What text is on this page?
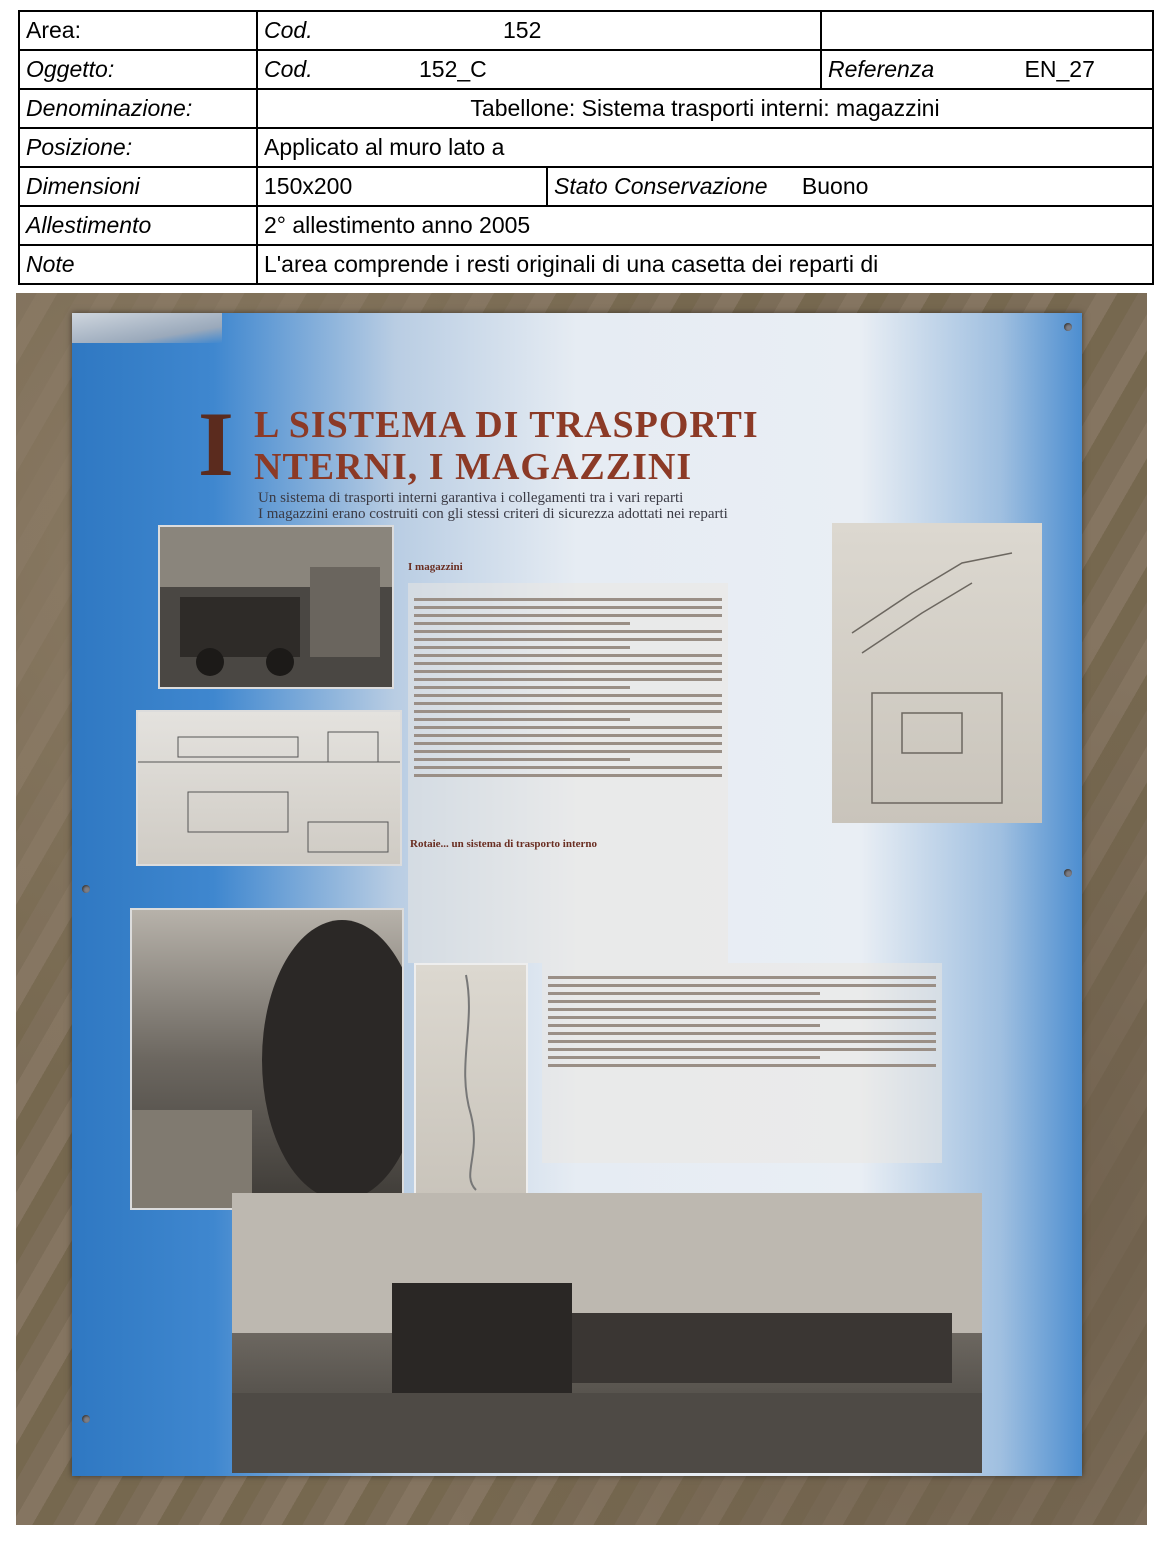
Area:	Cod. 152		
Oggetto:	Cod. 152_C		Referenza EN_27
Denominazione:	Tabellone: Sistema trasporti interni: magazzini		
Posizione:	Applicato al muro lato a		
Dimensioni	150x200	Stato Conservazione Buono	
Allestimento	2° allestimento anno 2005		
Note	L'area comprende i resti originali di una casetta dei reparti di		
I L SISTEMA DI TRASPORTI
NTERNI, I MAGAZZINI
Un sistema di trasporti interni garantiva i collegamenti tra i vari reparti
I magazzini erano costruiti con gli stessi criteri di sicurezza adottati nei reparti
I magazzini
Rotaie... un sistema di trasporto interno
